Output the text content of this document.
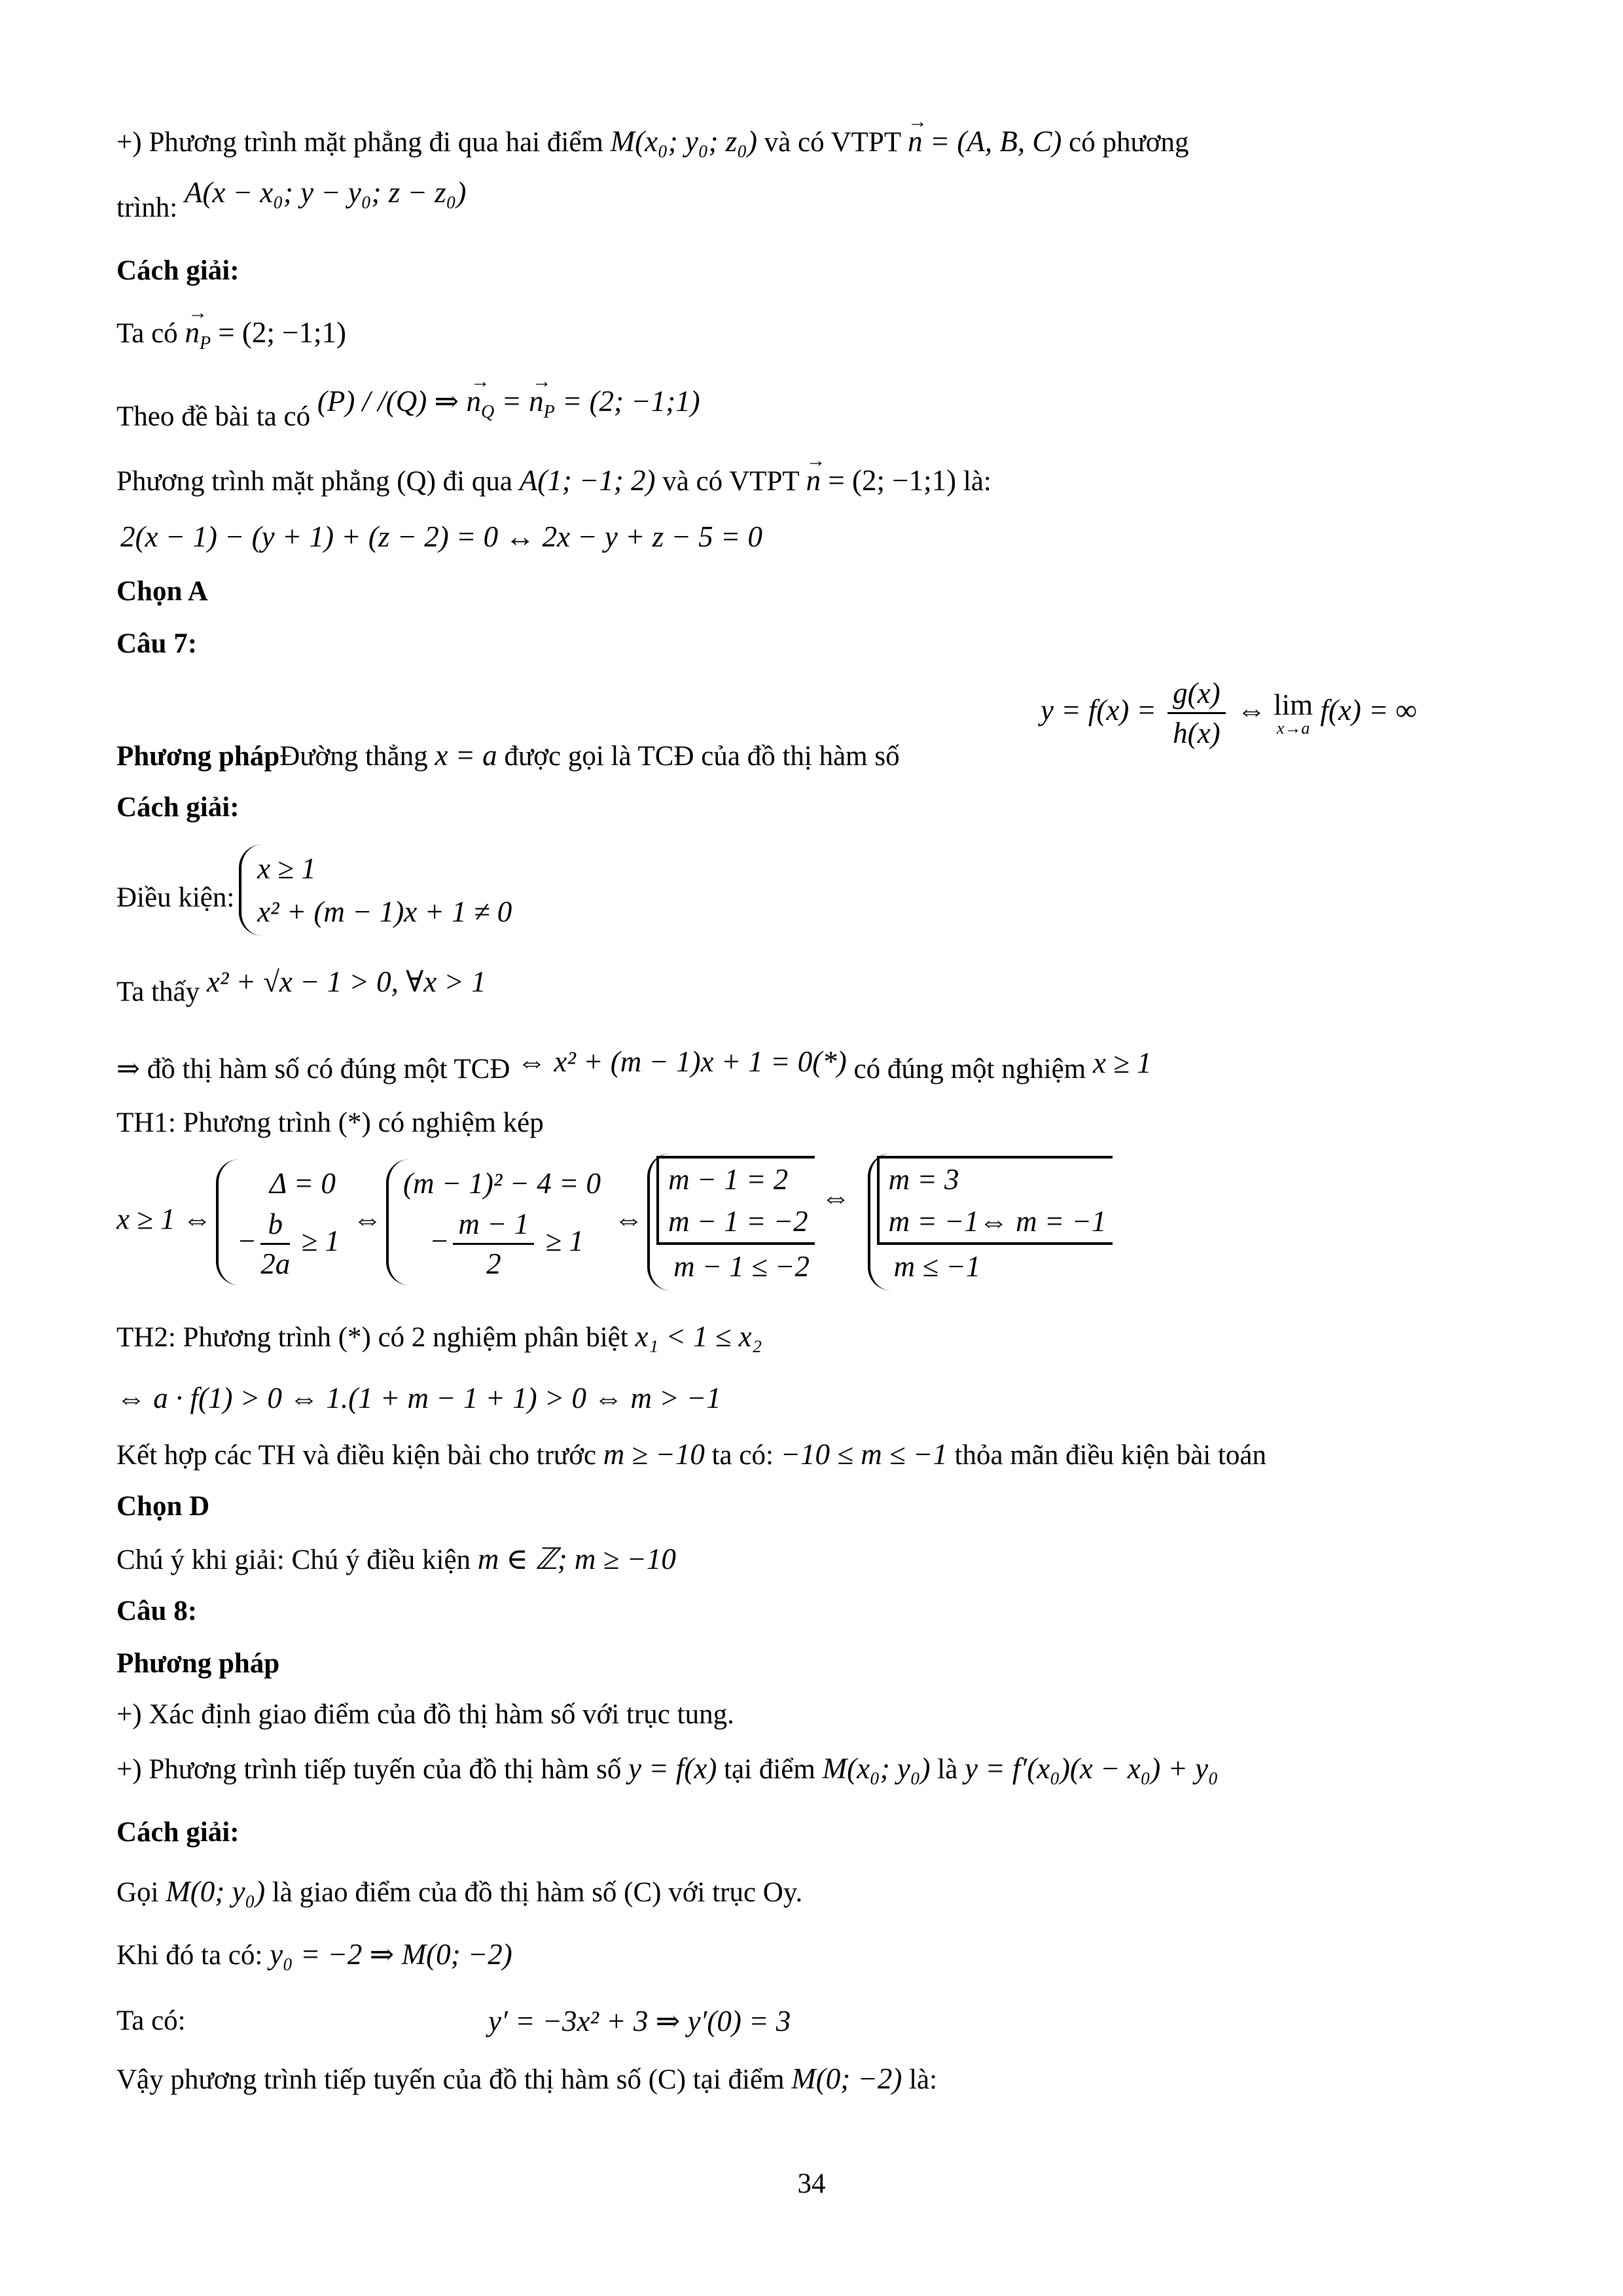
+) Phương trình mặt phẳng đi qua hai điểm M(x₀; y₀; z₀) và có VTPT → n = (A, B, C) có phương
trình: A(x − x₀; y − y₀; z − z₀)
Cách giải:
Ta có → $n_P = (2$; −1;1)
Theo đề bài ta có (P) / /(Q) ⇒ → $n_Q$ = → $n_P = (2$; −1;1)
Phương trình mặt phẳng (Q) đi qua A(1; −1; 2) và có VTPT → n = (2; −1;1) là:
2(x − 1) − (y + 1) + (z − 2) = 0 ↔ 2x − y + z − 5 = 0
Chọn A
Câu 7:
Phương phápĐường thẳng x = a được gọi là TCĐ của đồ thị hàm số
$y = f(x) = \frac{g(x)}{h(x)}$ ⇔ lim
x→a
f(x) = ∞
Cách giải:
Điều kiện:
x ≥ 1
x² + (m − 1)x + 1 ≠ 0
Ta thấy x² + √x − 1 > 0, ∀x > 1
⇒ đồ thị hàm số có đúng một TCĐ ⇔ x² + (m − 1)x + 1 = 0(*) có đúng một nghiệm x ≥ 1
TH1: Phương trình (*) có nghiệm kép
x ≥ 1 ⇔
Δ = 0
− $\frac{b}{2a} \ge 1$
⇔
(m − 1)² − 4 = 0
− $\frac{m - 1}{2} \ge 1$
⇔
m − 1 = 2
m − 1 = −2
⇔
m − 1 ≤ −2	m = 3
m = −1⇔ m = −1
m ≤ −1
TH2: Phương trình (*) có 2 nghiệm phân biệt x₁ < 1 ≤ x₂
⇔ a · f(1) > 0 ⇔ 1.(1 + m − 1 + 1) > 0 ⇔ m > −1
Kết hợp các TH và điều kiện bài cho trước m ≥ −10 ta có: −10 ≤ m ≤ −1 thỏa mãn điều kiện bài toán
Chọn D
Chú ý khi giải: Chú ý điều kiện m ∈ ℤ; m ≥ −10
Câu 8:
Phương pháp
+) Xác định giao điểm của đồ thị hàm số với trục tung.
+) Phương trình tiếp tuyến của đồ thị hàm số y = f(x) tại điểm M(x₀; y₀) là y = f′(x₀)(x − x₀) + y₀
Cách giải:
Gọi M(0; y₀) là giao điểm của đồ thị hàm số (C) với trục Oy.
Khi đó ta có: y₀ = −2 ⇒ M(0; −2)
Ta có:	y′ = −3x² + 3 ⇒ y′(0) = 3
Vậy phương trình tiếp tuyến của đồ thị hàm số (C) tại điểm M(0; −2) là:
34
